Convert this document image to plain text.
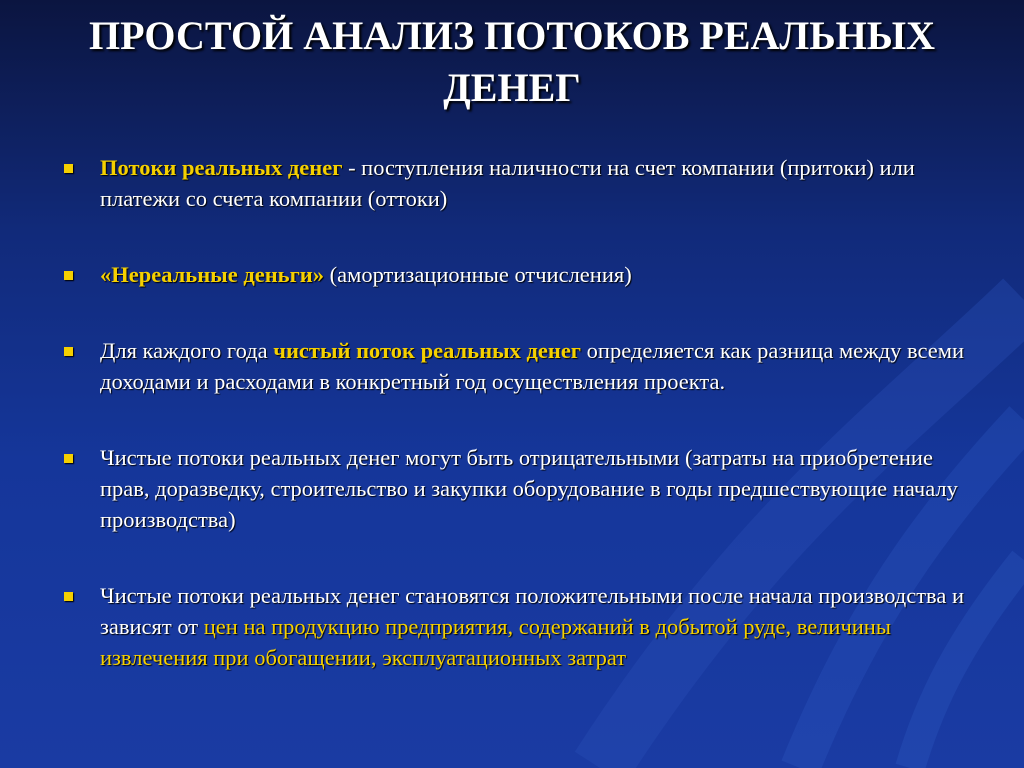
ПРОСТОЙ АНАЛИЗ ПОТОКОВ РЕАЛЬНЫХ
ДЕНЕГ
Потоки реальных денег - поступления наличности на счет компании (притоки) или платежи со счета компании (оттоки)
«Нереальные деньги» (амортизационные отчисления)
Для каждого года чистый поток реальных денег определяется как разница между всеми доходами и расходами в конкретный год осуществления проекта.
Чистые потоки реальных денег могут быть отрицательными (затраты на приобретение прав, доразведку, строительство и закупки оборудование в годы предшествующие началу производства)
Чистые потоки реальных денег становятся положительными после начала производства и зависят от цен на продукцию предприятия, содержаний в добытой руде, величины извлечения при обогащении, эксплуатационных затрат
